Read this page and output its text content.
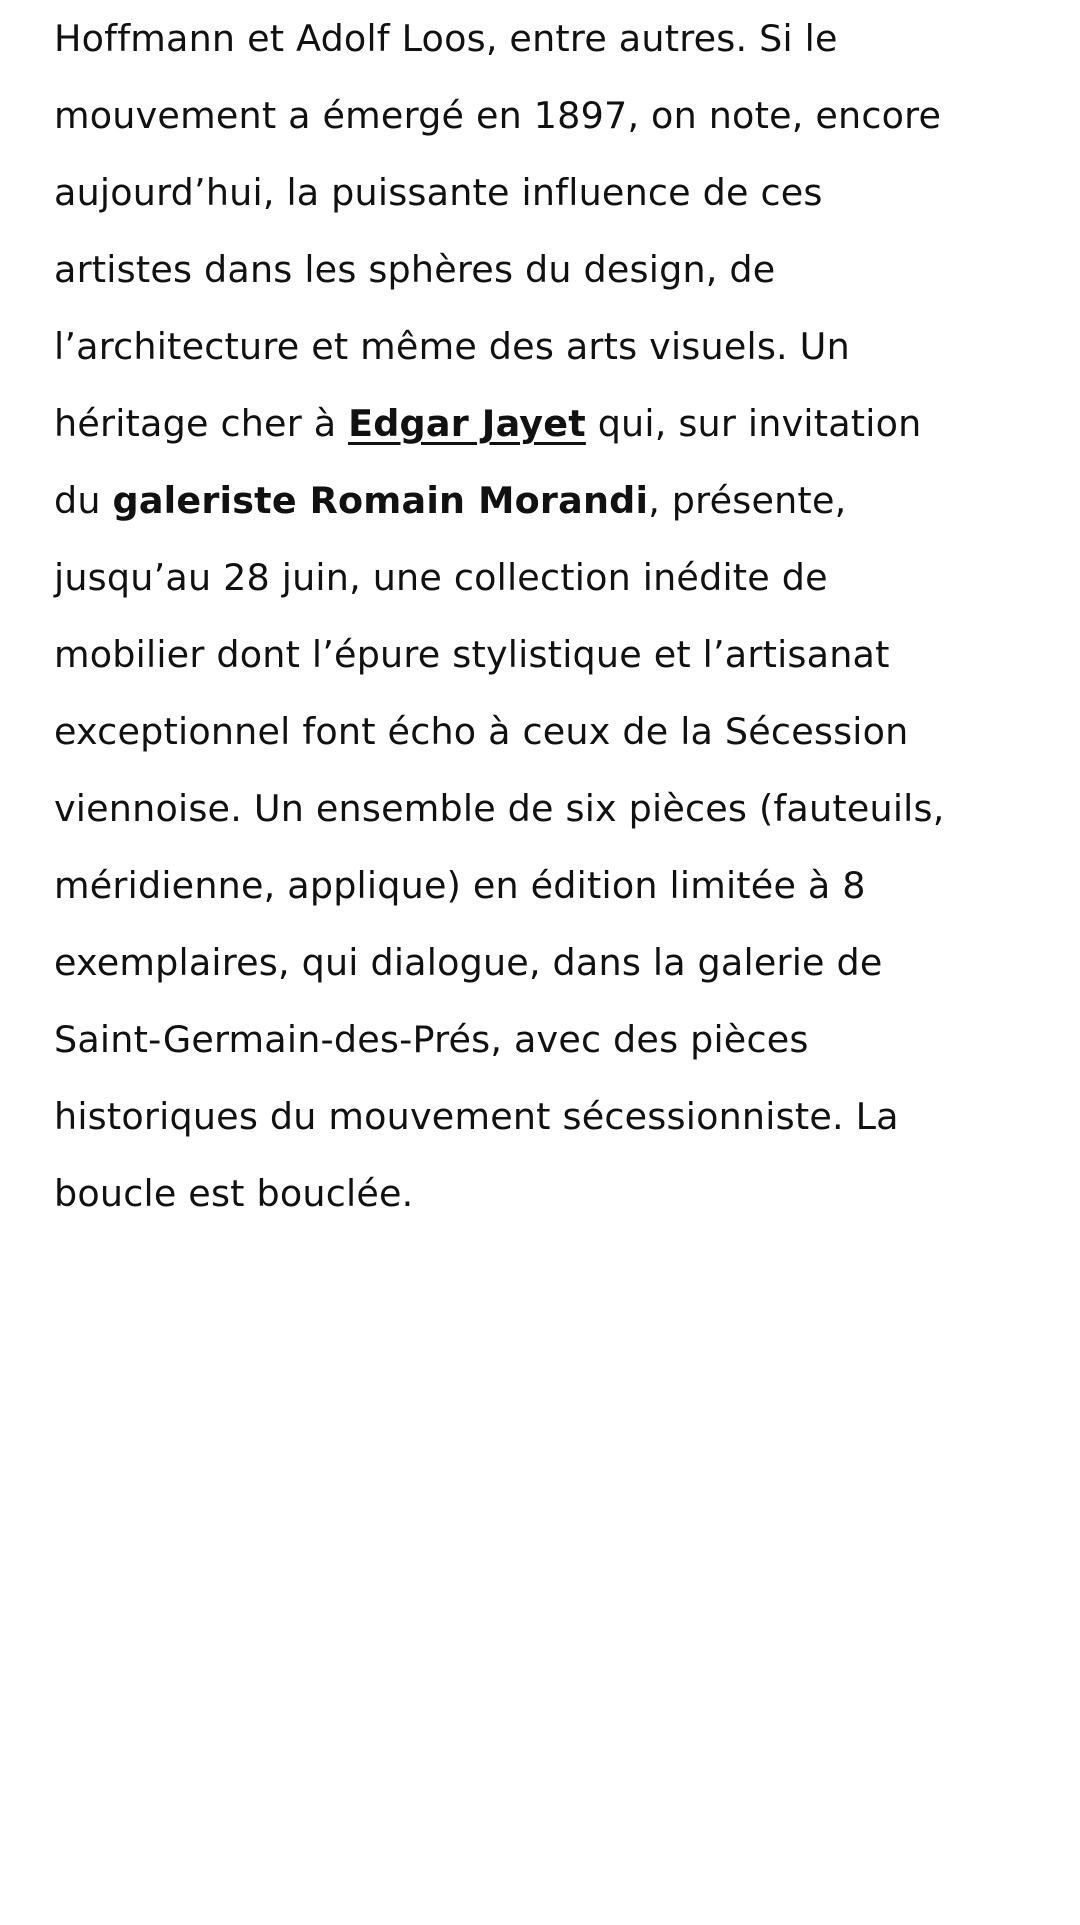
Hoffmann et Adolf Loos, entre autres. Si le
mouvement a émergé en 1897, on note, encore
aujourd’hui, la puissante influence de ces
artistes dans les sphères du design, de
l’architecture et même des arts visuels. Un
héritage cher à Edgar Jayet qui, sur invitation
du galeriste Romain Morandi, présente,
jusqu’au 28 juin, une collection inédite de
mobilier dont l’épure stylistique et l’artisanat
exceptionnel font écho à ceux de la Sécession
viennoise. Un ensemble de six pièces (fauteuils,
méridienne, applique) en édition limitée à 8
exemplaires, qui dialogue, dans la galerie de
Saint-Germain-des-Prés, avec des pièces
historiques du mouvement sécessionniste. La
boucle est bouclée.
